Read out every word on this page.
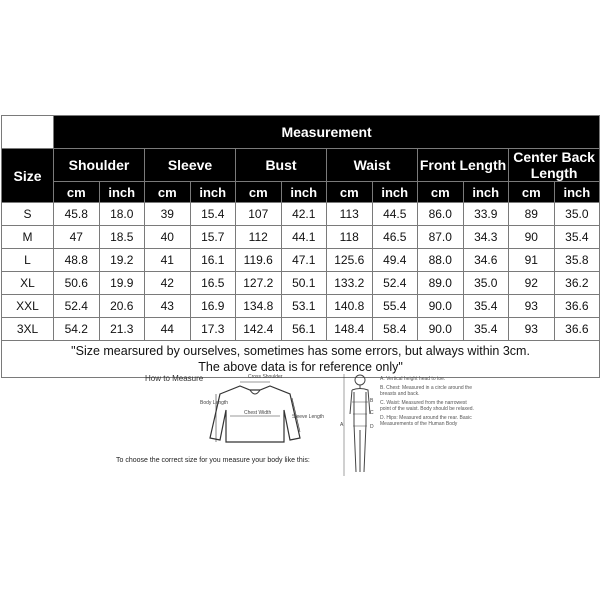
	Measurement											
Size	Shoulder		Sleeve		Bust		Waist		Front Length		Center Back Length	
	cm	inch	cm	inch	cm	inch	cm	inch	cm	inch	cm	inch
S	45.8	18.0	39	15.4	107	42.1	113	44.5	86.0	33.9	89	35.0
M	47	18.5	40	15.7	112	44.1	118	46.5	87.0	34.3	90	35.4
L	48.8	19.2	41	16.1	119.6	47.1	125.6	49.4	88.0	34.6	91	35.8
XL	50.6	19.9	42	16.5	127.2	50.1	133.2	52.4	89.0	35.0	92	36.2
XXL	52.4	20.6	43	16.9	134.8	53.1	140.8	55.4	90.0	35.4	93	36.6
3XL	54.2	21.3	44	17.3	142.4	56.1	148.4	58.4	90.0	35.4	93	36.6

"Size mearsured by ourselves, sometimes has some errors, but always within 3cm.
The above data is for reference only"												
How to Measure	Cross Shoulder
Body Length
Chest Width
Sleeve Length
To choose the correct size for you measure your body like this:
A
B
C
D
A. Vertical height head to toe.
B. Chest: Measured in a circle around the breasts and back.
C. Waist: Measured from the narrowest point of the waist. Body should be relaxed.
D. Hips: Measured around the rear. Basic Measurements of the Human Body
